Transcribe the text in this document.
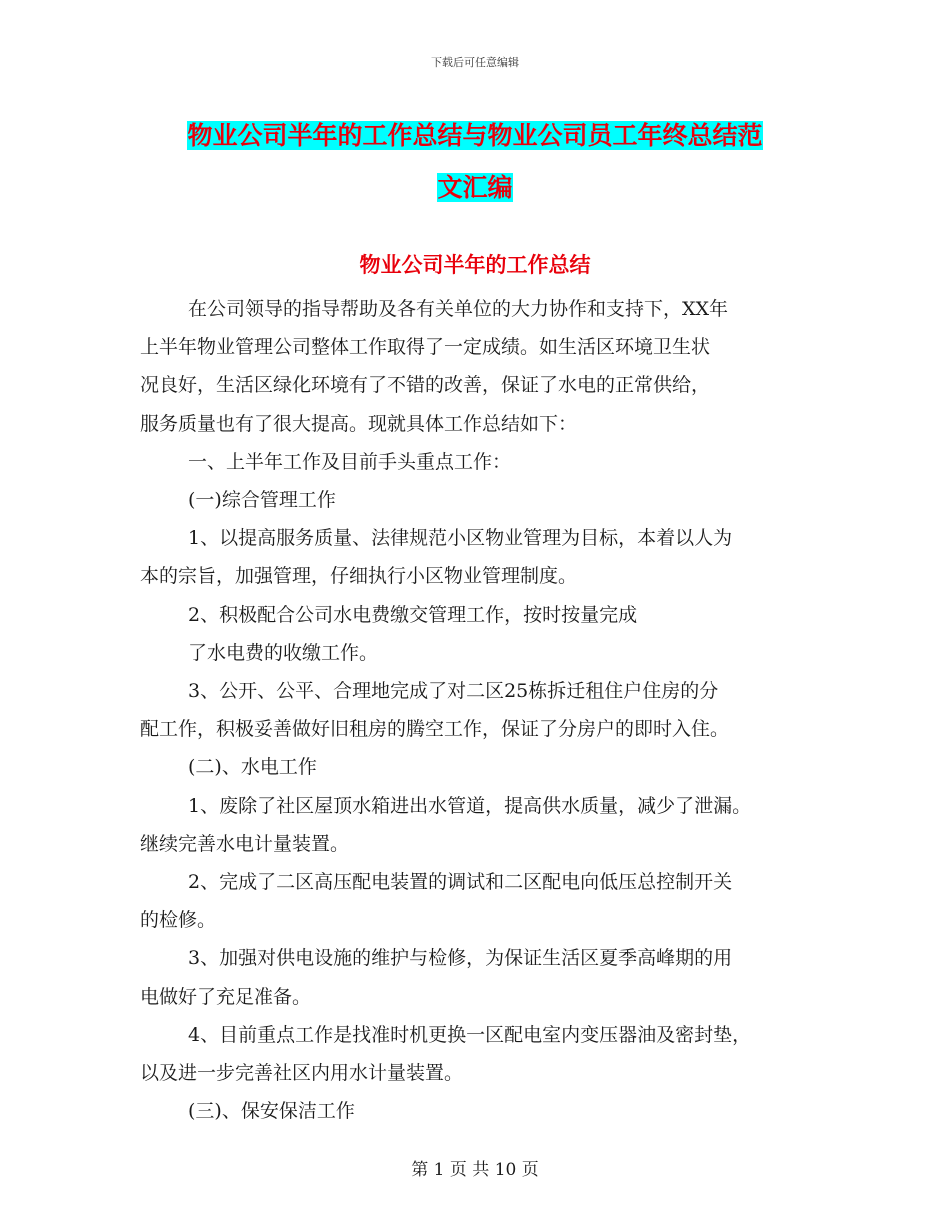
下载后可任意编辑
物业公司半年的工作总结与物业公司员工年终总结范
文汇编
物业公司半年的工作总结

在公司领导的指导帮助及各有关单位的大力协作和支持下，XX年

上半年物业管理公司整体工作取得了一定成绩。如生活区环境卫生状

况良好，生活区绿化环境有了不错的改善，保证了水电的正常供给，

服务质量也有了很大提高。现就具体工作总结如下：

一、上半年工作及目前手头重点工作：

(一)综合管理工作

1、以提高服务质量、法律规范小区物业管理为目标，本着以人为

本的宗旨，加强管理，仔细执行小区物业管理制度。

2、积极配合公司水电费缴交管理工作，按时按量完成

了水电费的收缴工作。

3、公开、公平、合理地完成了对二区25栋拆迁租住户住房的分

配工作，积极妥善做好旧租房的腾空工作，保证了分房户的即时入住。

(二)、水电工作

1、废除了社区屋顶水箱进出水管道，提高供水质量，减少了泄漏。

继续完善水电计量装置。

2、完成了二区高压配电装置的调试和二区配电向低压总控制开关

的检修。

3、加强对供电设施的维护与检修，为保证生活区夏季高峰期的用

电做好了充足准备。

4、目前重点工作是找准时机更换一区配电室内变压器油及密封垫，

以及进一步完善社区内用水计量装置。

(三)、保安保洁工作

第 1 页 共 10 页
